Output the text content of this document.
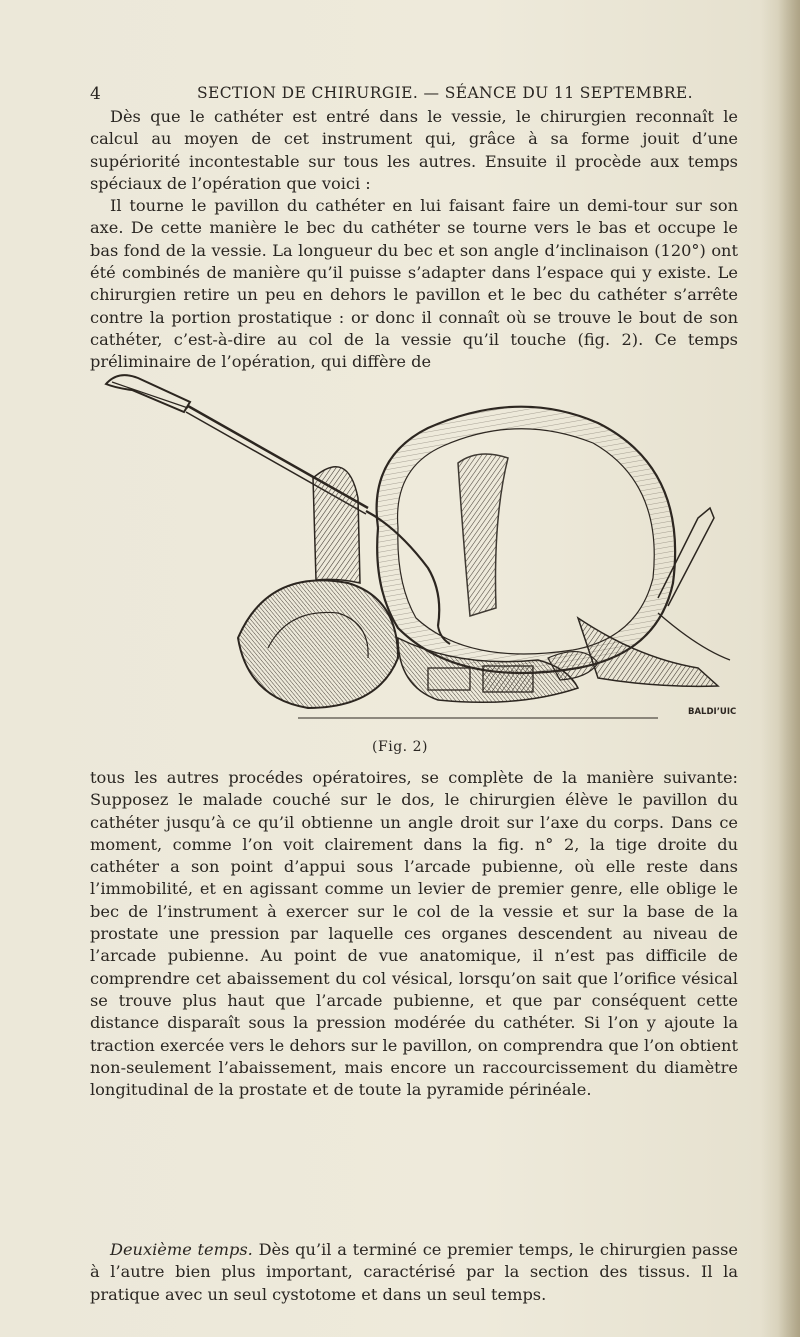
4	SECTION DE CHIRURGIE. — SÉANCE DU 11 SEPTEMBRE.

Dès que le cathéter est entré dans le vessie, le chirurgien reconnaît le calcul au moyen de cet instrument qui, grâce à sa forme jouit d’une supériorité incontestable sur tous les autres. Ensuite il procède aux temps spéciaux de l’opération que voici :

Il tourne le pavillon du cathéter en lui faisant faire un demi-tour sur son axe. De cette manière le bec du cathéter se tourne vers le bas et occupe le bas fond de la vessie. La longueur du bec et son angle d’inclinaison (120°) ont été combinés de manière qu’il puisse s’adapter dans l’espace qui y existe. Le chirurgien retire un peu en dehors le pavillon et le bec du cathéter s’arrête contre la portion prostatique : or donc il connaît où se trouve le bout de son cathéter, c’est-à-dire au col de la vessie qu’il touche (fig. 2). Ce temps préliminaire de l’opération, qui diffère de

BALDI’UIC
(Fig. 2)

tous les autres procédes opératoires, se complète de la manière suivante: Supposez le malade couché sur le dos, le chirurgien élève le pavillon du cathéter jusqu’à ce qu’il obtienne un angle droit sur l’axe du corps. Dans ce moment, comme l’on voit clairement dans la fig. n° 2, la tige droite du cathéter a son point d’appui sous l’arcade pubienne, où elle reste dans l’immobilité, et en agissant comme un levier de premier genre, elle oblige le bec de l’instrument à exercer sur le col de la vessie et sur la base de la prostate une pression par laquelle ces organes descendent au niveau de l’arcade pubienne. Au point de vue anatomique, il n’est pas difficile de comprendre cet abaissement du col vésical, lorsqu’on sait que l’orifice vésical se trouve plus haut que l’arcade pubienne, et que par conséquent cette distance disparaît sous la pression modérée du cathéter. Si l’on y ajoute la traction exercée vers le dehors sur le pavillon, on comprendra que l’on obtient non-seulement l’abaissement, mais encore un raccourcissement du diamètre longitudinal de la prostate et de toute la pyramide périnéale.

Deuxième temps. Dès qu’il a terminé ce premier temps, le chirurgien passe à l’autre bien plus important, caractérisé par la section des tissus. Il la pratique avec un seul cystotome et dans un seul temps.
